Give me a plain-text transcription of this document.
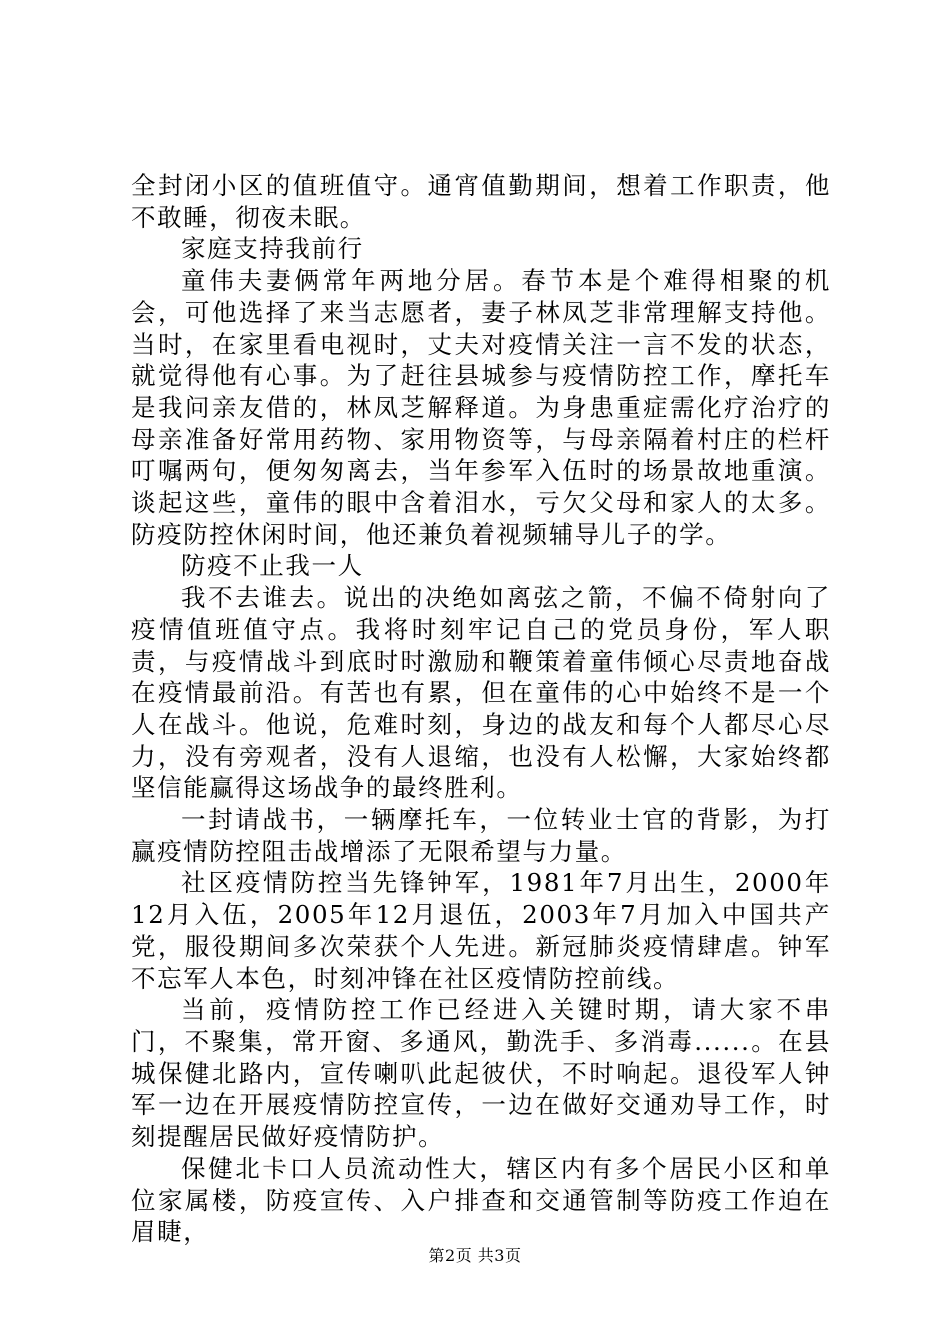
全封闭小区的值班值守。通宵值勤期间，想着工作职责，他不敢睡，彻夜未眠。

家庭支持我前行

童伟夫妻俩常年两地分居。春节本是个难得相聚的机会，可他选择了来当志愿者，妻子林凤芝非常理解支持他。当时，在家里看电视时，丈夫对疫情关注一言不发的状态，就觉得他有心事。为了赶往县城参与疫情防控工作，摩托车是我问亲友借的，林凤芝解释道。为身患重症需化疗治疗的母亲准备好常用药物、家用物资等，与母亲隔着村庄的栏杆叮嘱两句，便匆匆离去，当年参军入伍时的场景故地重演。谈起这些，童伟的眼中含着泪水，亏欠父母和家人的太多。防疫防控休闲时间，他还兼负着视频辅导儿子的学。

防疫不止我一人

我不去谁去。说出的决绝如离弦之箭，不偏不倚射向了疫情值班值守点。我将时刻牢记自己的党员身份，军人职责，与疫情战斗到底时时激励和鞭策着童伟倾心尽责地奋战在疫情最前沿。有苦也有累，但在童伟的心中始终不是一个人在战斗。他说，危难时刻，身边的战友和每个人都尽心尽力，没有旁观者，没有人退缩，也没有人松懈，大家始终都坚信能赢得这场战争的最终胜利。

一封请战书，一辆摩托车，一位转业士官的背影，为打赢疫情防控阻击战增添了无限希望与力量。

社区疫情防控当先锋钟军，1981年7月出生，2000年12月入伍，2005年12月退伍，2003年7月加入中国共产党，服役期间多次荣获个人先进。新冠肺炎疫情肆虐。钟军不忘军人本色，时刻冲锋在社区疫情防控前线。

当前，疫情防控工作已经进入关键时期，请大家不串门，不聚集，常开窗、多通风，勤洗手、多消毒......。在县城保健北路内，宣传喇叭此起彼伏，不时响起。退役军人钟军一边在开展疫情防控宣传，一边在做好交通劝导工作，时刻提醒居民做好疫情防护。

保健北卡口人员流动性大，辖区内有多个居民小区和单位家属楼，防疫宣传、入户排查和交通管制等防疫工作迫在眉睫，

第2页 共3页
